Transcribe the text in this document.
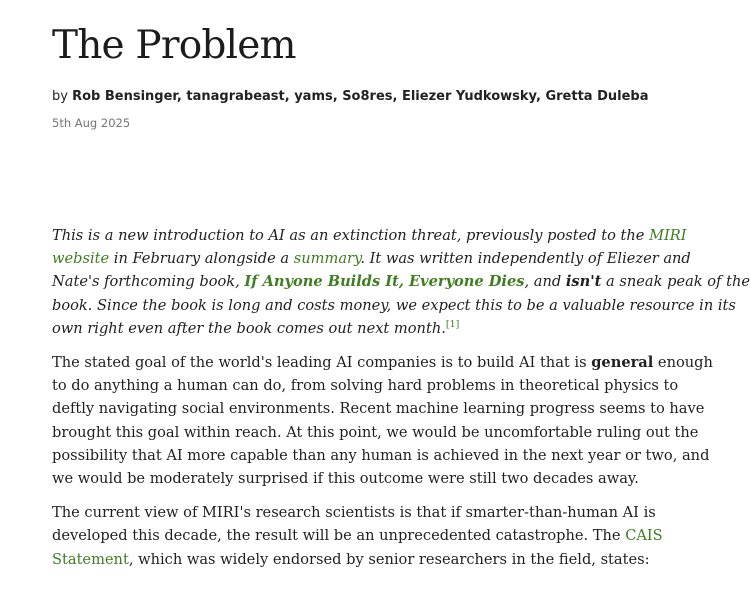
The Problem
by Rob Bensinger, tanagrabeast, yams, So8res, Eliezer Yudkowsky, Gretta Duleba
5th Aug 2025

This is a new introduction to AI as an extinction threat, previously posted to the MIRI
website in February alongside a summary. It was written independently of Eliezer and
Nate's forthcoming book, If Anyone Builds It, Everyone Dies, and isn't a sneak peak of the
book. Since the book is long and costs money, we expect this to be a valuable resource in its
own right even after the book comes out next month.[1]

The stated goal of the world's leading AI companies is to build AI that is general enough
to do anything a human can do, from solving hard problems in theoretical physics to
deftly navigating social environments. Recent machine learning progress seems to have
brought this goal within reach. At this point, we would be uncomfortable ruling out the
possibility that AI more capable than any human is achieved in the next year or two, and
we would be moderately surprised if this outcome were still two decades away.

The current view of MIRI's research scientists is that if smarter-than-human AI is
developed this decade, the result will be an unprecedented catastrophe. The CAIS
Statement, which was widely endorsed by senior researchers in the field, states:
